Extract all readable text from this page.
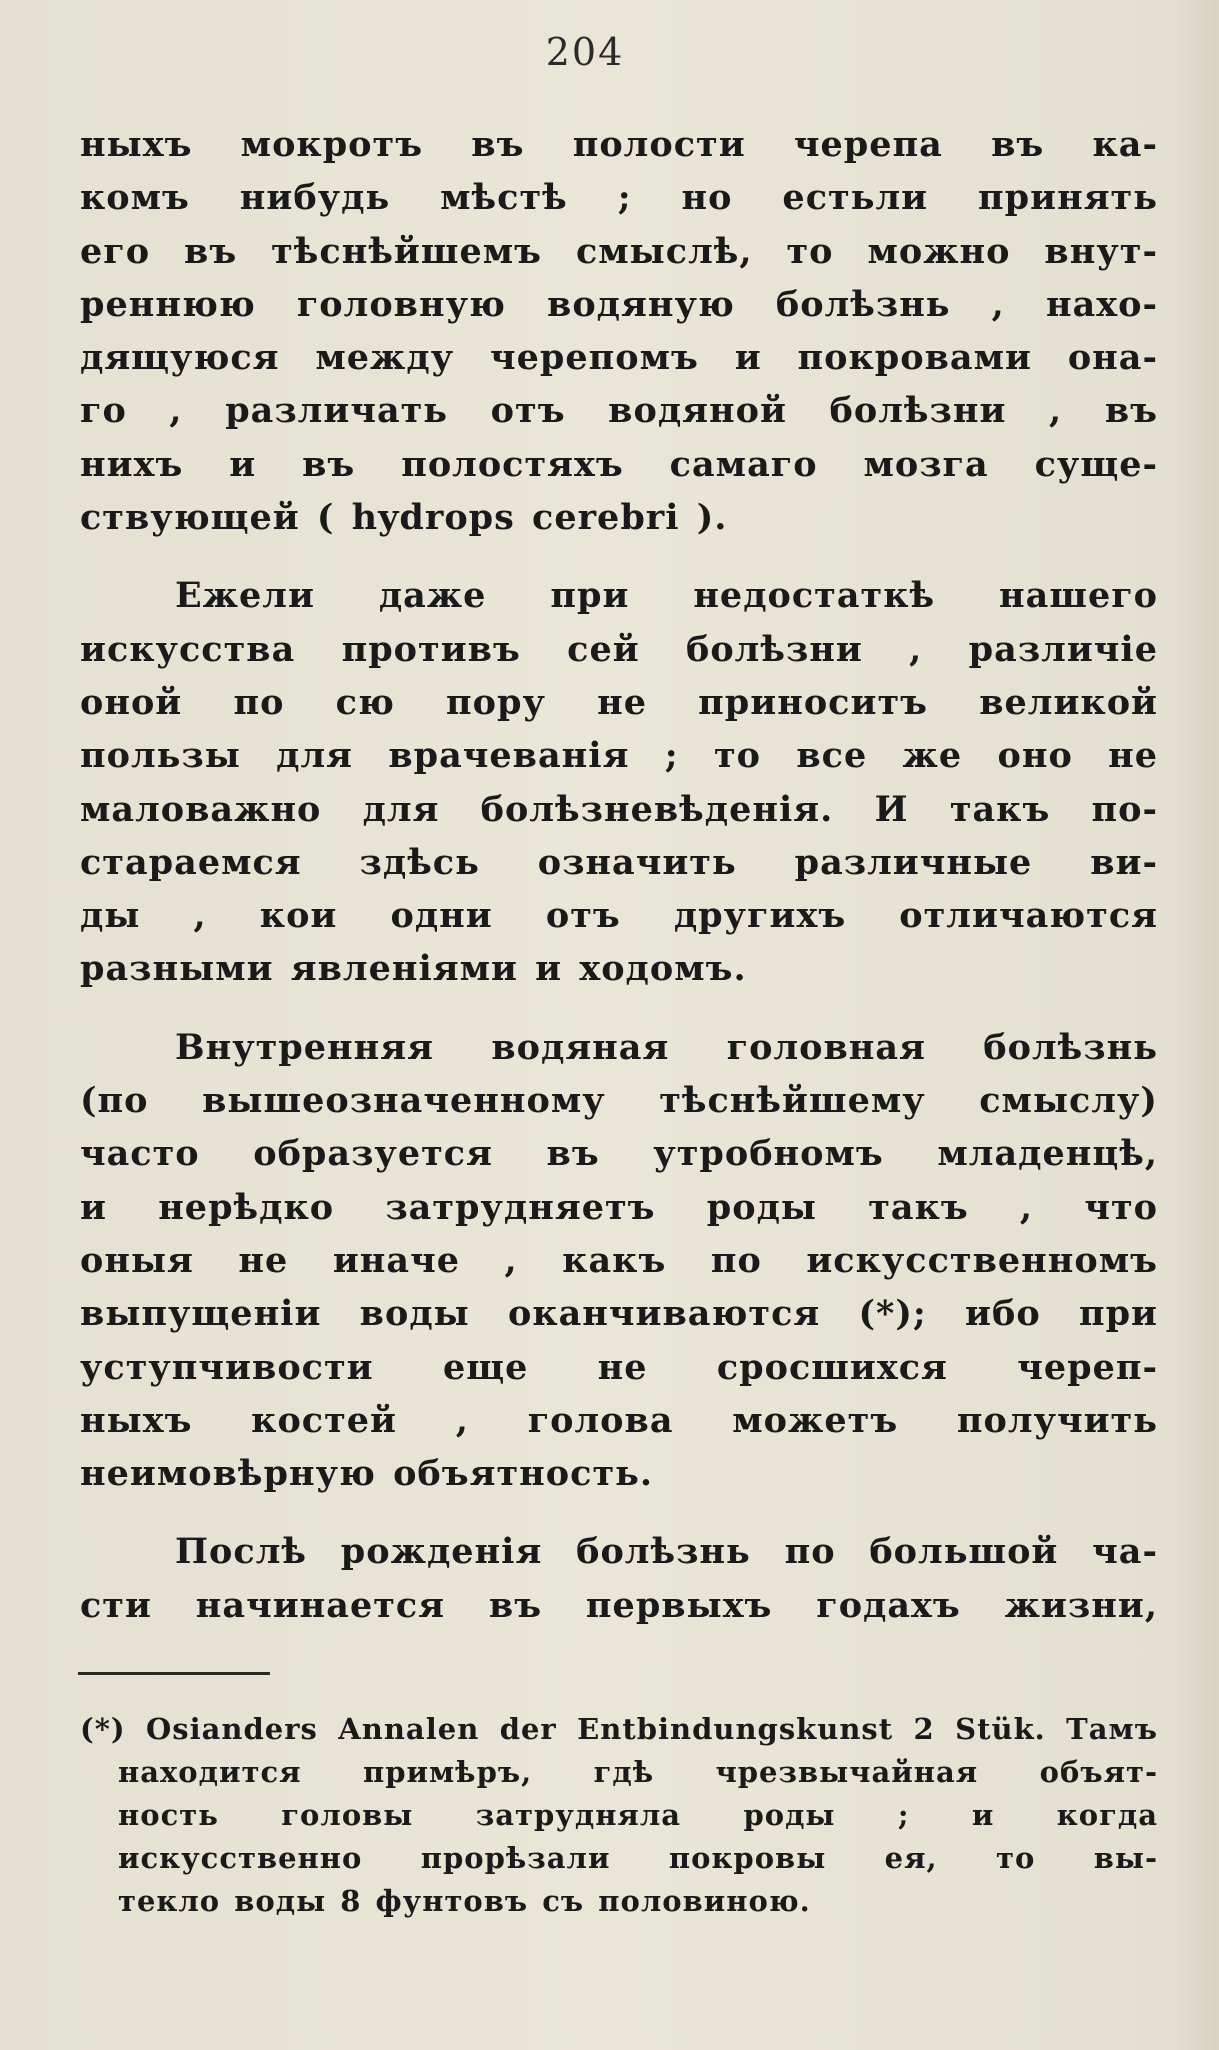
204
ныхъ мокротъ въ полости черепа въ ка-
комъ нибудь мѣстѣ ; но естьли принять
его въ тѣснѣйшемъ смыслѣ, то можно внут-
реннюю головную водяную болѣзнь , нахо-
дящуюся между черепомъ и покровами она-
го , различать отъ водяной болѣзни , въ
нихъ и въ полостяхъ самаго мозга суще-
ствующей ( hydrops cerebri ).
Ежели даже при недостаткѣ нашего
искусства противъ сей болѣзни , различіе
оной по сю пору не приноситъ великой
пользы для врачеванія ; то все же оно не
маловажно для болѣзневѣденія. И такъ по-
стараемся здѣсь означить различные ви-
ды , кои одни отъ другихъ отличаются
разными явленіями и ходомъ.
Внутренняя водяная головная болѣзнь
(по вышеозначенному тѣснѣйшему смыслу)
часто образуется въ утробномъ младенцѣ,
и нерѣдко затрудняетъ роды такъ , что
оныя не иначе , какъ по искусственномъ
выпущеніи воды оканчиваются (*); ибо при
уступчивости еще не сросшихся череп-
ныхъ костей , голова можетъ получить
неимовѣрную объятность.
Послѣ рожденія болѣзнь по большой ча-
сти начинается въ первыхъ годахъ жизни,
(*) Osianders Annalen der Entbindungskunst 2 Stük. Тамъ
находится примѣръ, гдѣ чрезвычайная объят-
ность головы затрудняла роды ; и когда
искусственно прорѣзали покровы ея, то вы-
текло воды 8 фунтовъ съ половиною.
